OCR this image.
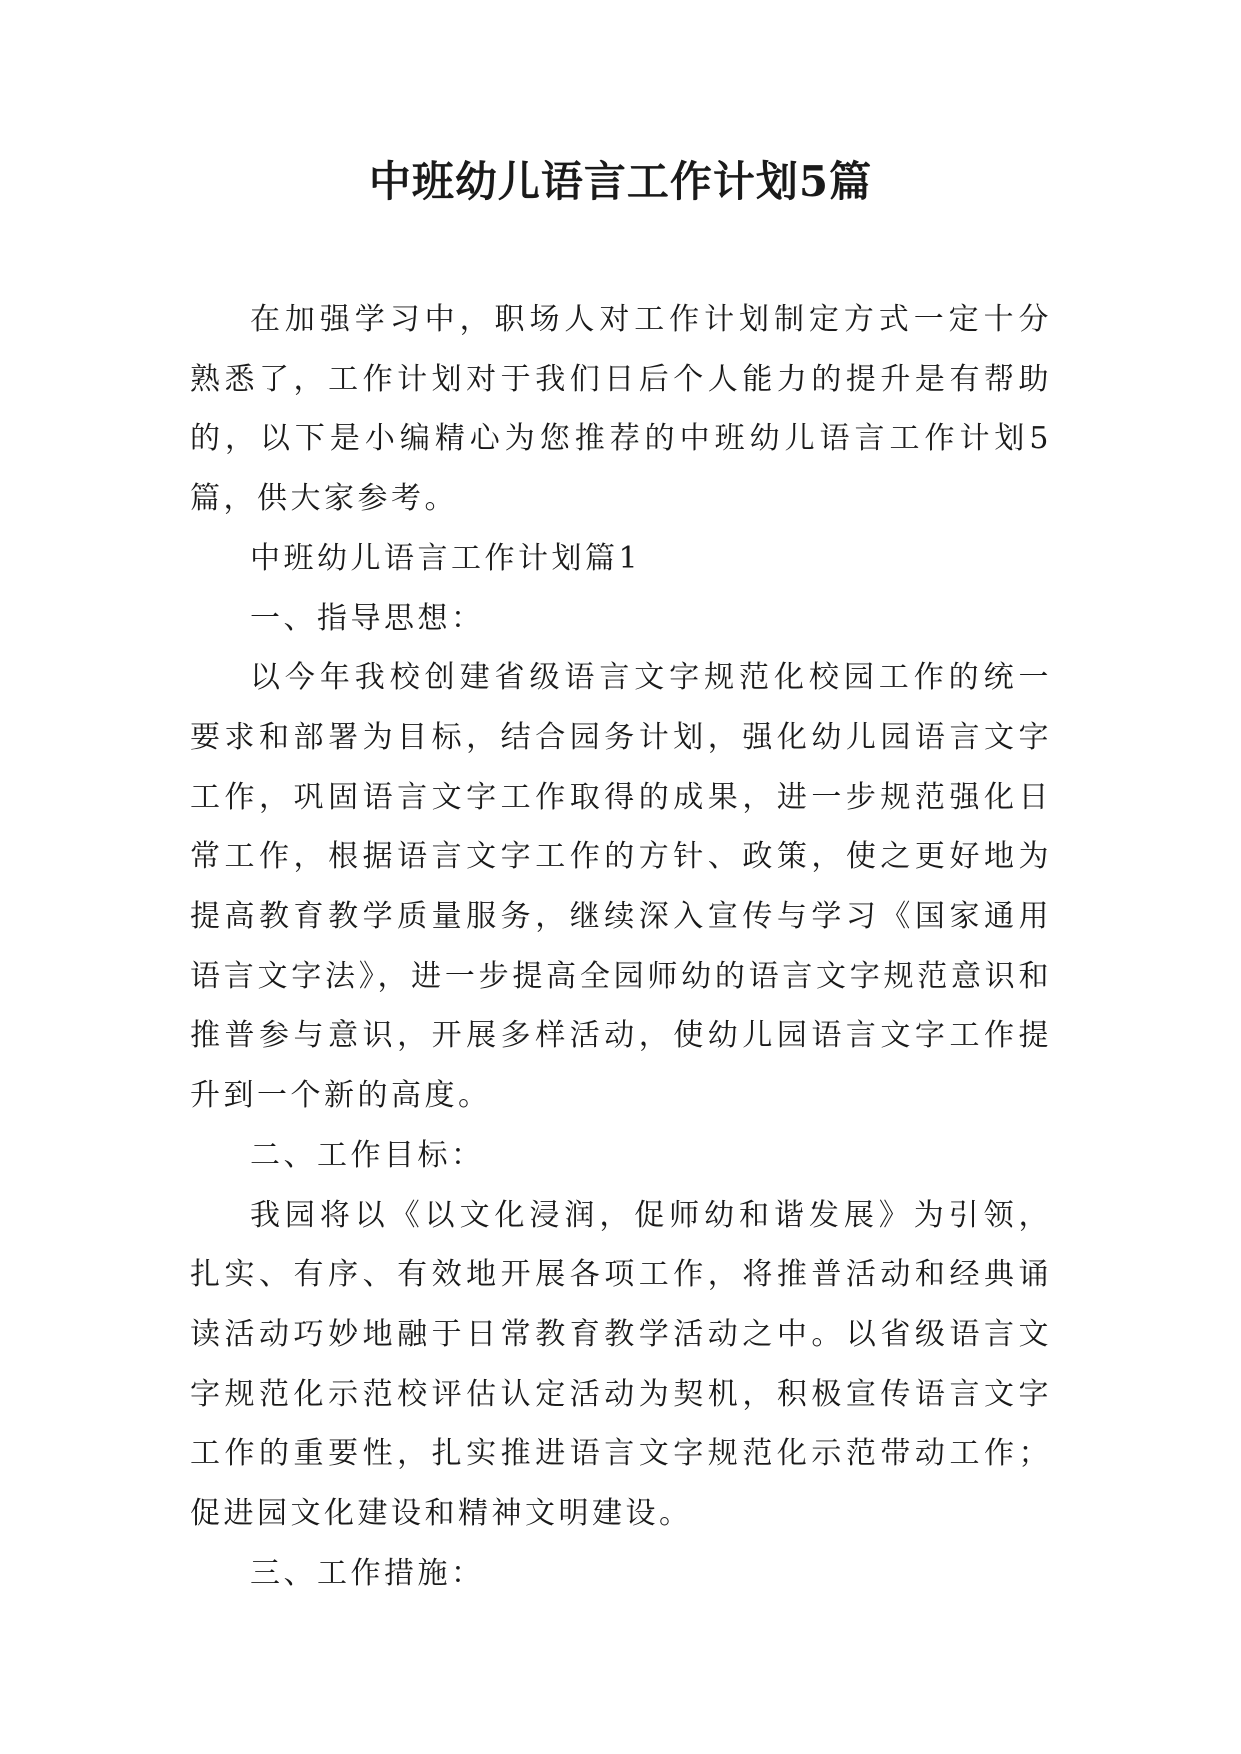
中班幼儿语言工作计划5篇

在加强学习中，职场人对工作计划制定方式一定十分熟悉了，工作计划对于我们日后个人能力的提升是有帮助的，以下是小编精心为您推荐的中班幼儿语言工作计划5篇，供大家参考。

中班幼儿语言工作计划篇1

一、指导思想：

以今年我校创建省级语言文字规范化校园工作的统一要求和部署为目标，结合园务计划，强化幼儿园语言文字工作，巩固语言文字工作取得的成果，进一步规范强化日常工作，根据语言文字工作的方针、政策，使之更好地为提高教育教学质量服务，继续深入宣传与学习《国家通用语言文字法》，进一步提高全园师幼的语言文字规范意识和推普参与意识，开展多样活动，使幼儿园语言文字工作提升到一个新的高度。

二、工作目标：

我园将以《以文化浸润，促师幼和谐发展》为引领，扎实、有序、有效地开展各项工作，将推普活动和经典诵读活动巧妙地融于日常教育教学活动之中。以省级语言文字规范化示范校评估认定活动为契机，积极宣传语言文字工作的重要性，扎实推进语言文字规范化示范带动工作；促进园文化建设和精神文明建设。

三、工作措施：
